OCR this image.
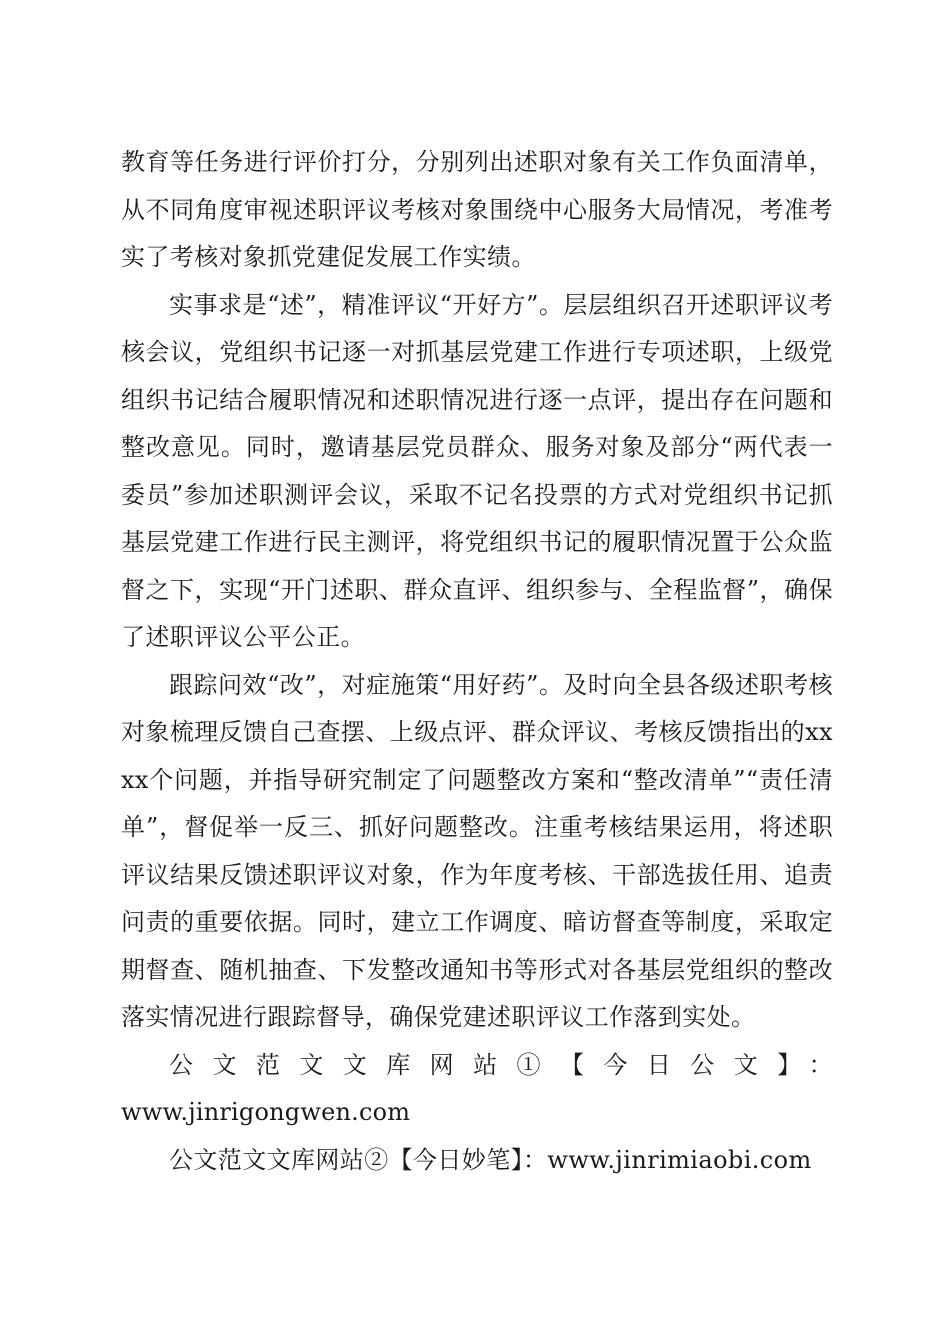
教育等任务进行评价打分，分别列出述职对象有关工作负面清单，从不同角度审视述职评议考核对象围绕中心服务大局情况，考准考实了考核对象抓党建促发展工作实绩。

实事求是“述”，精准评议“开好方”。层层组织召开述职评议考核会议，党组织书记逐一对抓基层党建工作进行专项述职，上级党组织书记结合履职情况和述职情况进行逐一点评，提出存在问题和整改意见。同时，邀请基层党员群众、服务对象及部分“两代表一委员”参加述职测评会议，采取不记名投票的方式对党组织书记抓基层党建工作进行民主测评，将党组织书记的履职情况置于公众监督之下，实现“开门述职、群众直评、组织参与、全程监督”，确保了述职评议公平公正。

跟踪问效“改”，对症施策“用好药”。及时向全县各级述职考核对象梳理反馈自己查摆、上级点评、群众评议、考核反馈指出的xxxx个问题，并指导研究制定了问题整改方案和“整改清单”“责任清单”，督促举一反三、抓好问题整改。注重考核结果运用，将述职评议结果反馈述职评议对象，作为年度考核、干部选拔任用、追责问责的重要依据。同时，建立工作调度、暗访督查等制度，采取定期督查、随机抽查、下发整改通知书等形式对各基层党组织的整改落实情况进行跟踪督导，确保党建述职评议工作落到实处。

公文范文文库网站①【今日公文】：
www.jinrigongwen.com

公文范文文库网站②【今日妙笔】：www.jinrimiaobi.com
